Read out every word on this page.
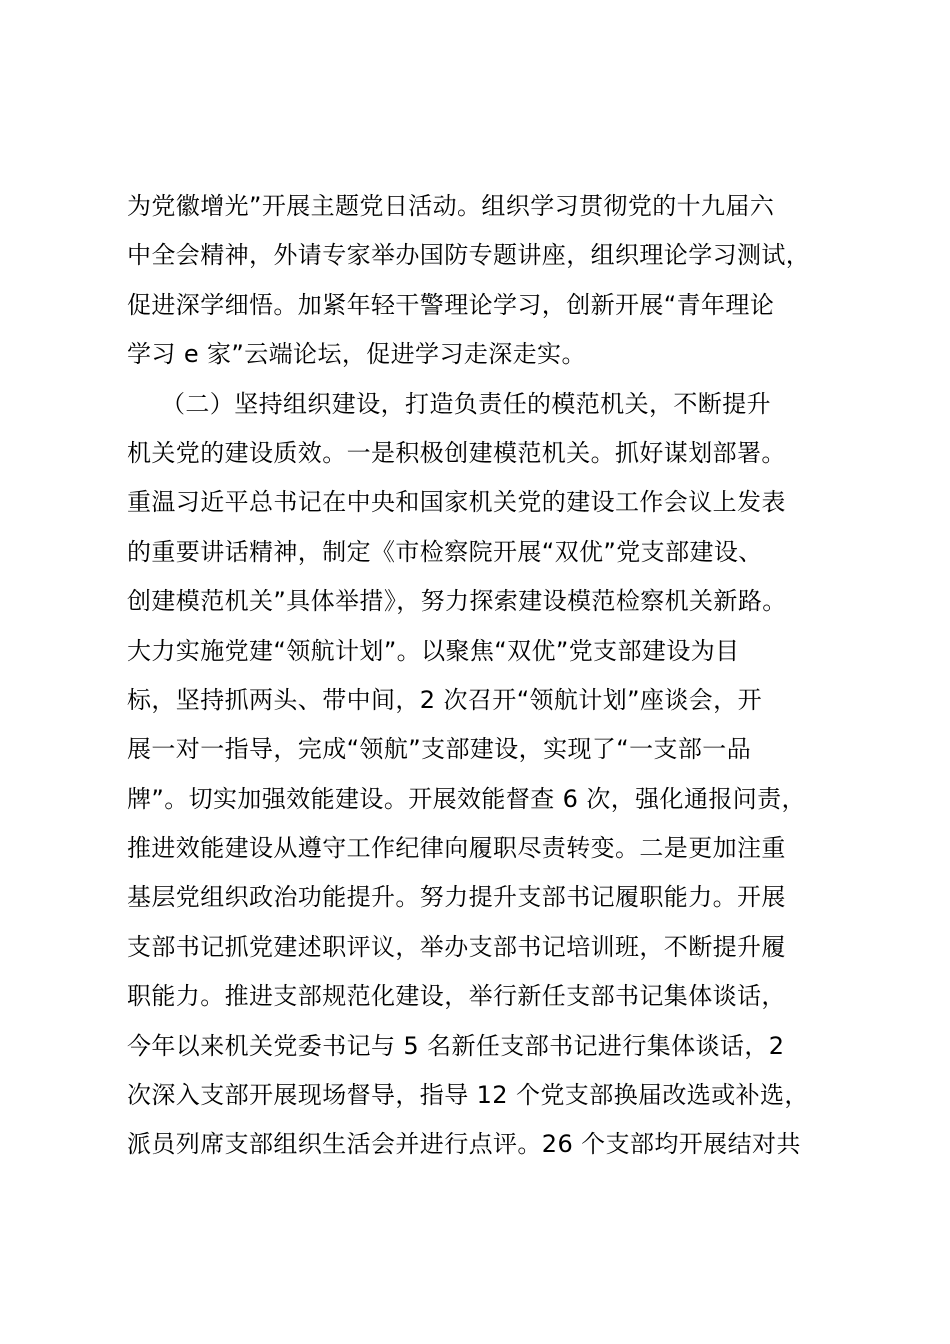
为党徽增光”开展主题党日活动。组织学习贯彻党的十九届六
中全会精神，外请专家举办国防专题讲座，组织理论学习测试，
促进深学细悟。加紧年轻干警理论学习，创新开展“青年理论
学习 e 家”云端论坛，促进学习走深走实。
（二）坚持组织建设，打造负责任的模范机关，不断提升
机关党的建设质效。一是积极创建模范机关。抓好谋划部署。
重温习近平总书记在中央和国家机关党的建设工作会议上发表
的重要讲话精神，制定《市检察院开展“双优”党支部建设、
创建模范机关”具体举措》，努力探索建设模范检察机关新路。
大力实施党建“领航计划”。以聚焦“双优”党支部建设为目
标，坚持抓两头、带中间，2 次召开“领航计划”座谈会，开
展一对一指导，完成“领航”支部建设，实现了“一支部一品
牌”。切实加强效能建设。开展效能督查 6 次，强化通报问责，
推进效能建设从遵守工作纪律向履职尽责转变。二是更加注重
基层党组织政治功能提升。努力提升支部书记履职能力。开展
支部书记抓党建述职评议，举办支部书记培训班，不断提升履
职能力。推进支部规范化建设，举行新任支部书记集体谈话，
今年以来机关党委书记与 5 名新任支部书记进行集体谈话，2
次深入支部开展现场督导，指导 12 个党支部换届改选或补选，
派员列席支部组织生活会并进行点评。26 个支部均开展结对共
